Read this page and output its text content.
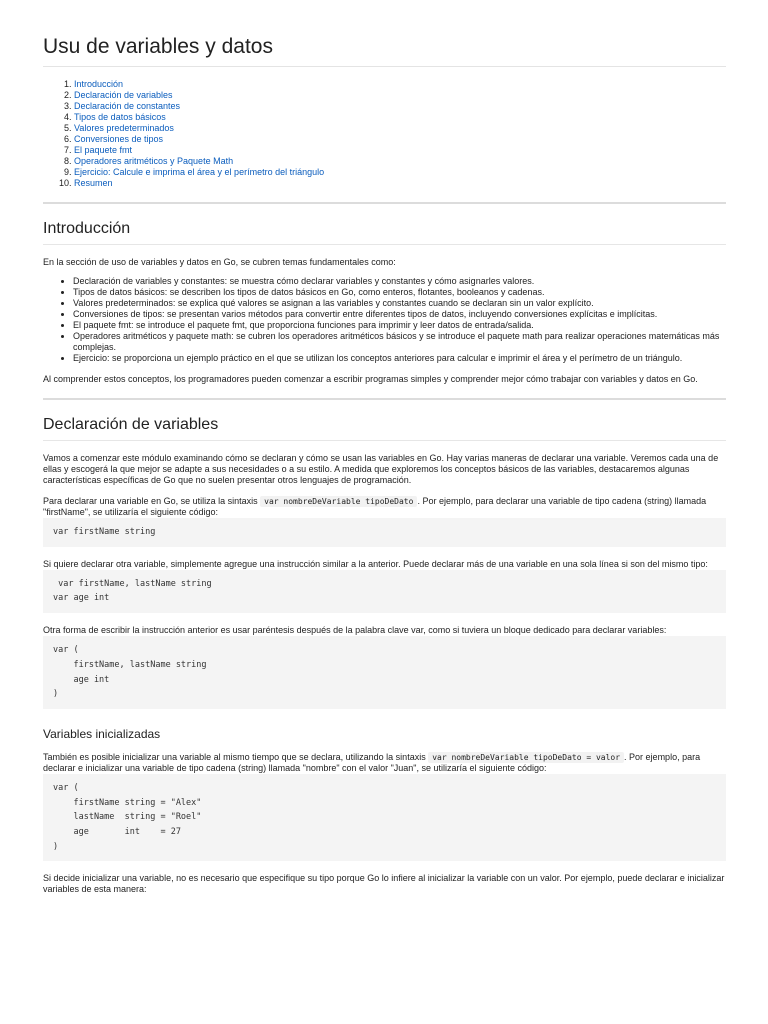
Usu de variables y datos
1. Introducción
2. Declaración de variables
3. Declaración de constantes
4. Tipos de datos básicos
5. Valores predeterminados
6. Conversiones de tipos
7. El paquete fmt
8. Operadores aritméticos y Paquete Math
9. Ejercicio: Calcule e imprima el área y el perímetro del triángulo
10. Resumen
Introducción

En la sección de uso de variables y datos en Go, se cubren temas fundamentales como:

• Declaración de variables y constantes: se muestra cómo declarar variables y constantes y cómo asignarles valores.
• Tipos de datos básicos: se describen los tipos de datos básicos en Go, como enteros, flotantes, booleanos y cadenas.
• Valores predeterminados: se explica qué valores se asignan a las variables y constantes cuando se declaran sin un valor explícito.
• Conversiones de tipos: se presentan varios métodos para convertir entre diferentes tipos de datos, incluyendo conversiones explícitas e implícitas.
• El paquete fmt: se introduce el paquete fmt, que proporciona funciones para imprimir y leer datos de entrada/salida.
• Operadores aritméticos y paquete math: se cubren los operadores aritméticos básicos y se introduce el paquete math para realizar operaciones matemáticas más complejas.
• Ejercicio: se proporciona un ejemplo práctico en el que se utilizan los conceptos anteriores para calcular e imprimir el área y el perímetro de un triángulo.

Al comprender estos conceptos, los programadores pueden comenzar a escribir programas simples y comprender mejor cómo trabajar con variables y datos en Go.

Declaración de variables

Vamos a comenzar este módulo examinando cómo se declaran y cómo se usan las variables en Go. Hay varias maneras de declarar una variable. Veremos cada una de ellas y escogerá la que mejor se adapte a sus necesidades o a su estilo. A medida que exploremos los conceptos básicos de las variables, destacaremos algunas características específicas de Go que no suelen presentar otros lenguajes de programación.

Para declarar una variable en Go, se utiliza la sintaxis var nombreDeVariable tipoDeDato . Por ejemplo, para declarar una variable de tipo cadena (string) llamada "firstName", se utilizaría el siguiente código:

var firstName string

Si quiere declarar otra variable, simplemente agregue una instrucción similar a la anterior. Puede declarar más de una variable en una sola línea si son del mismo tipo:

var firstName, lastName string
var age int

Otra forma de escribir la instrucción anterior es usar paréntesis después de la palabra clave var, como si tuviera un bloque dedicado para declarar variables:

var (
firstName, lastName string
age int
)
Variables inicializadas

También es posible inicializar una variable al mismo tiempo que se declara, utilizando la sintaxis var nombreDeVariable tipoDeDato = valor . Por ejemplo, para declarar e inicializar una variable de tipo cadena (string) llamada "nombre" con el valor "Juan", se utilizaría el siguiente código:

var (
firstName string = "Alex"
lastName  string = "Roel"
age       int    = 27
)

Si decide inicializar una variable, no es necesario que especifique su tipo porque Go lo infiere al inicializar la variable con un valor. Por ejemplo, puede declarar e inicializar variables de esta manera:
